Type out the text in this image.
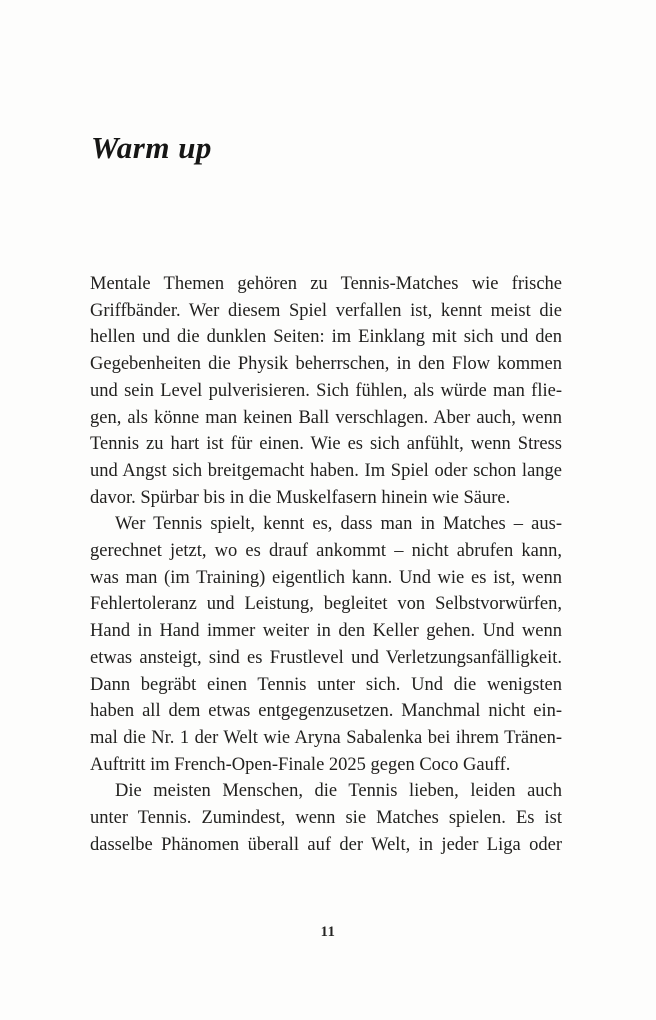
Warm up
Mentale Themen gehören zu Tennis-Matches wie frische
Griffbänder. Wer diesem Spiel verfallen ist, kennt meist die
hellen und die dunklen Seiten: im Einklang mit sich und den
Gegebenheiten die Physik beherrschen, in den Flow kommen
und sein Level pulverisieren. Sich fühlen, als würde man flie-
gen, als könne man keinen Ball verschlagen. Aber auch, wenn
Tennis zu hart ist für einen. Wie es sich anfühlt, wenn Stress
und Angst sich breitgemacht haben. Im Spiel oder schon lange
davor. Spürbar bis in die Muskelfasern hinein wie Säure.
Wer Tennis spielt, kennt es, dass man in Matches – aus-
gerechnet jetzt, wo es drauf ankommt – nicht abrufen kann,
was man (im Training) eigentlich kann. Und wie es ist, wenn
Fehlertoleranz und Leistung, begleitet von Selbstvorwürfen,
Hand in Hand immer weiter in den Keller gehen. Und wenn
etwas ansteigt, sind es Frustlevel und Verletzungsanfälligkeit.
Dann begräbt einen Tennis unter sich. Und die wenigsten
haben all dem etwas entgegenzusetzen. Manchmal nicht ein-
mal die Nr. 1 der Welt wie Aryna Sabalenka bei ihrem Tränen-
Auftritt im French-Open-Finale 2025 gegen Coco Gauff.
Die meisten Menschen, die Tennis lieben, leiden auch
unter Tennis. Zumindest, wenn sie Matches spielen. Es ist
dasselbe Phänomen überall auf der Welt, in jeder Liga oder
11
